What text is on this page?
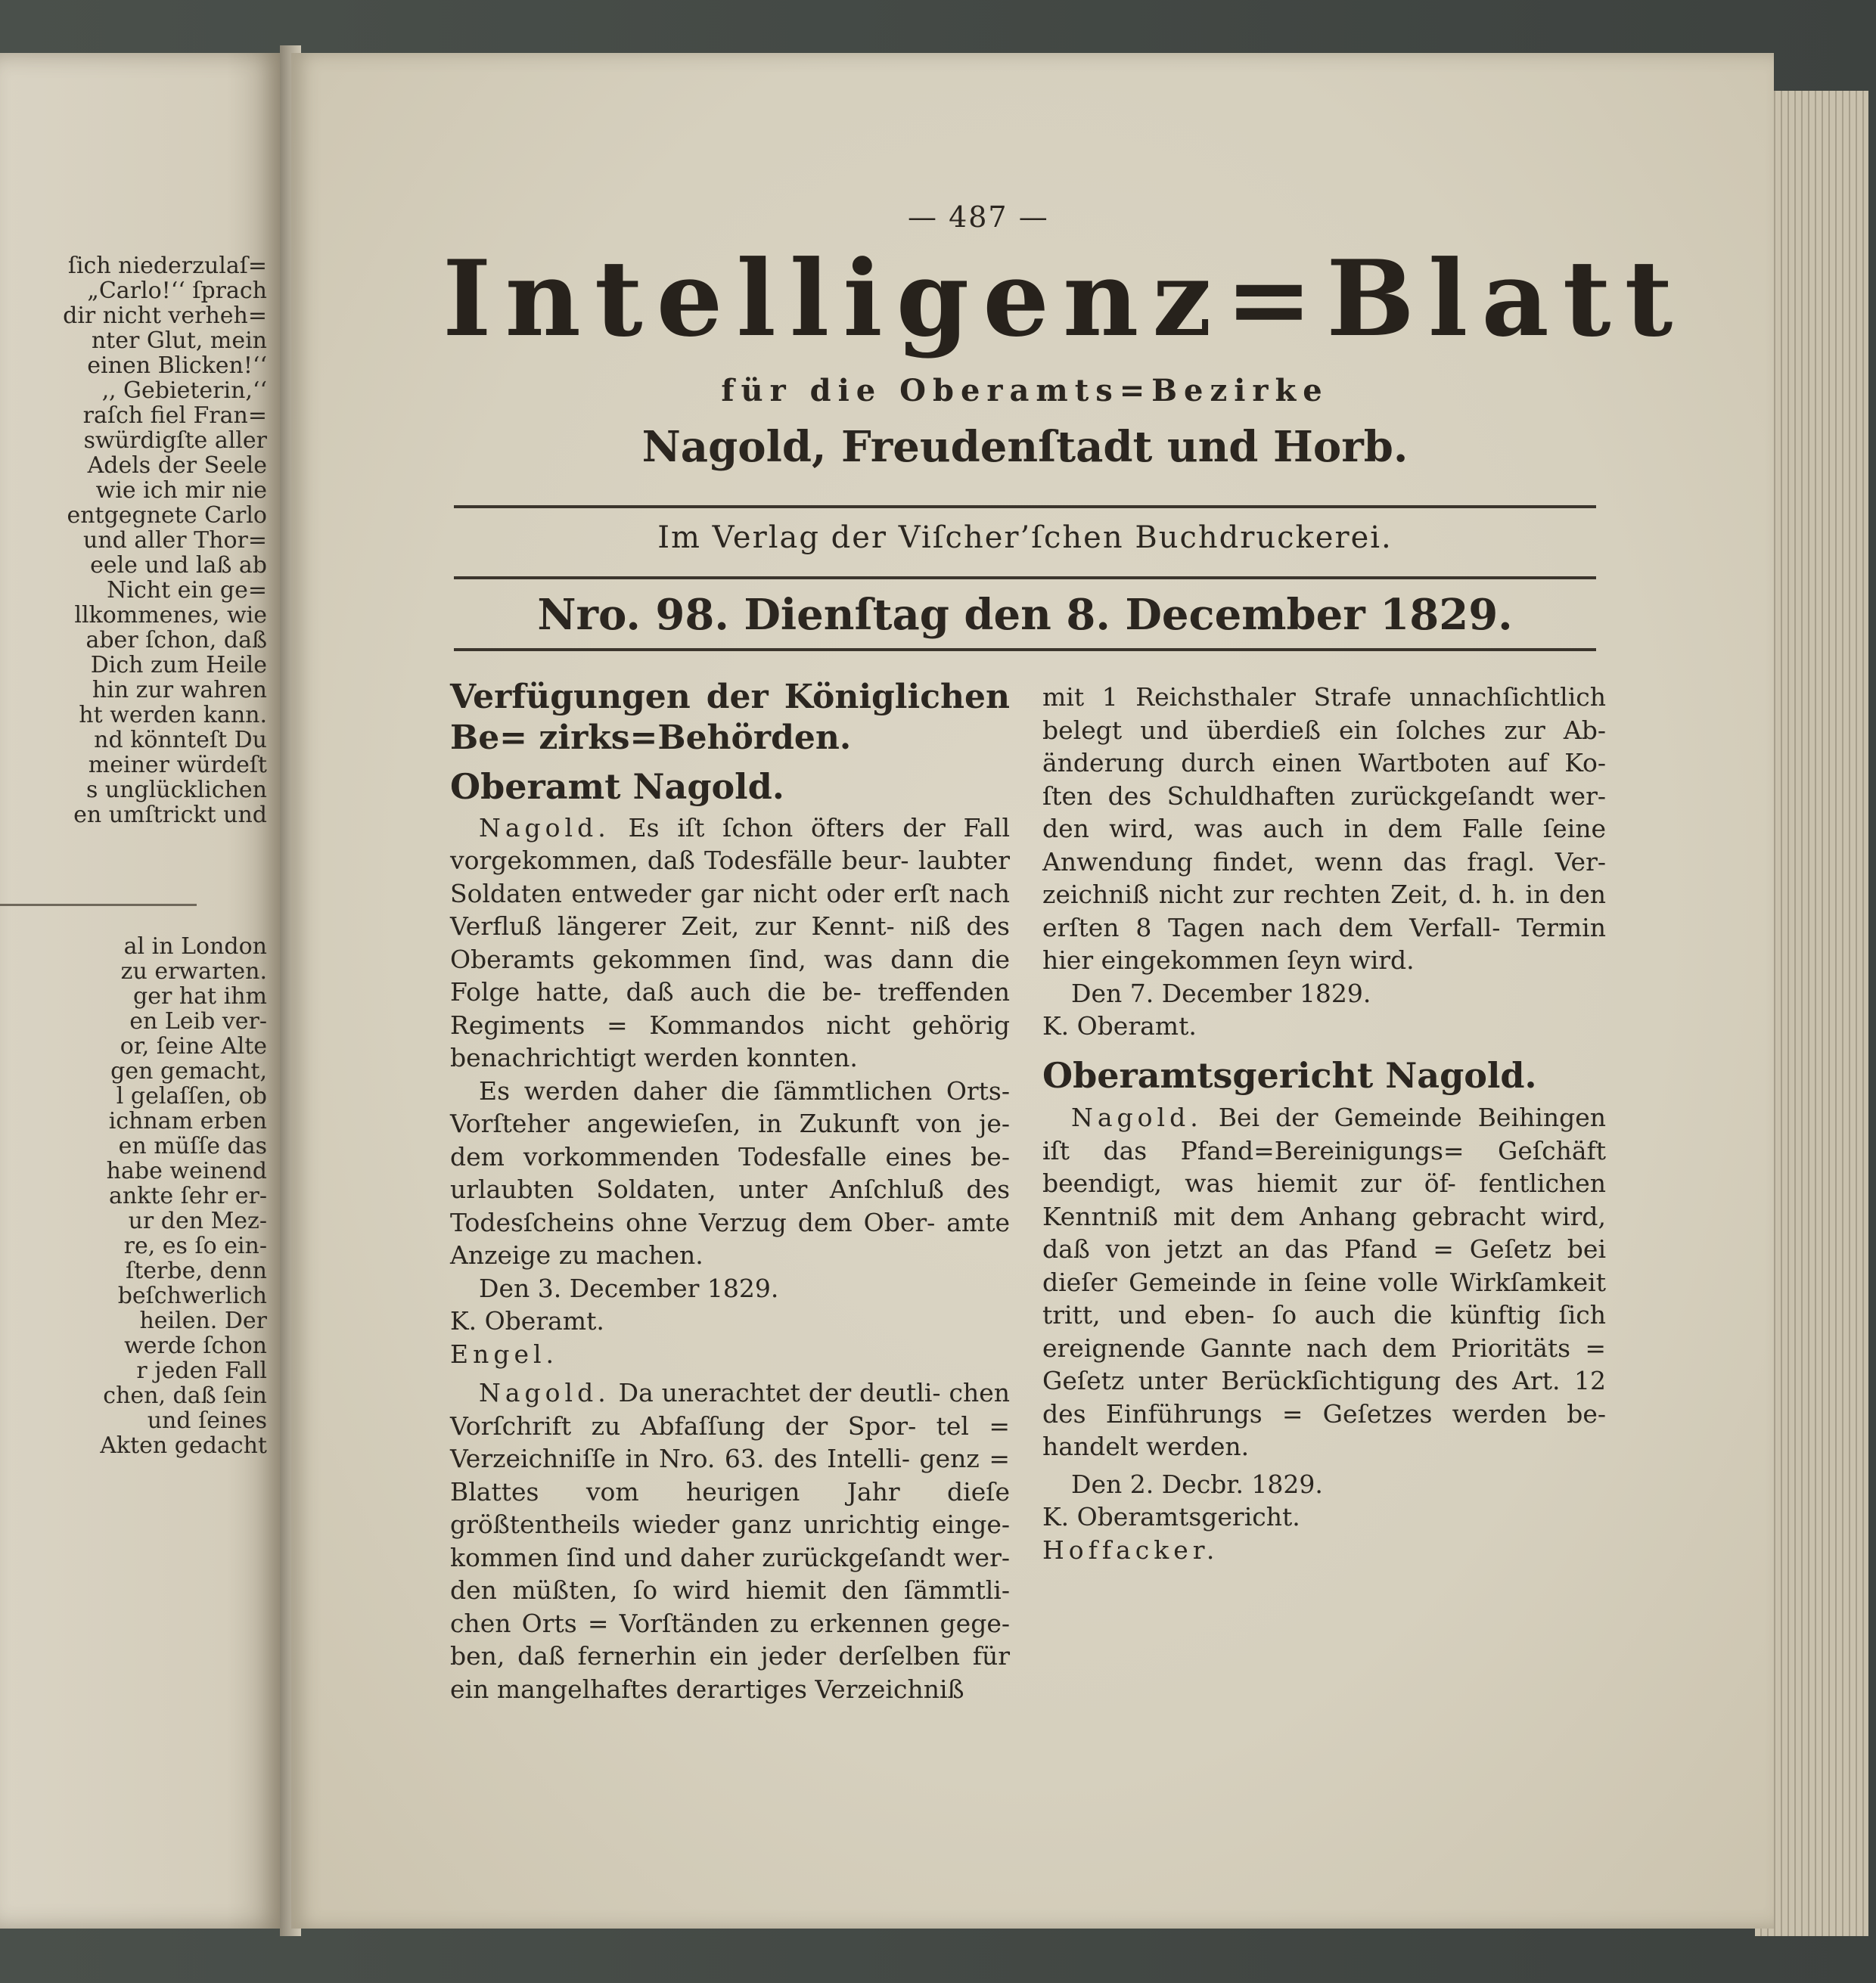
ſich niederzulaſ=
„Carlo!‘‘ ſprach
dir nicht verheh=
nter Glut, mein
einen Blicken!‘‘
‚, Gebieterin,‘‘
raſch fiel Fran=
swürdigſte aller
Adels der Seele
wie ich mir nie
entgegnete Carlo
und aller Thor=
eele und laß ab
Nicht ein ge=
llkommenes, wie
aber ſchon, daß
Dich zum Heile
hin zur wahren
ht werden kann.
nd könnteſt Du
meiner würdeſt
s unglücklichen
en umſtrickt und
al in London
zu erwarten.
ger hat ihm
en Leib ver-
or, ſeine Alte
gen gemacht,
l gelaſſen, ob
ichnam erben
en müſſe das
habe weinend
ankte ſehr er-
ur den Mez-
re, es ſo ein-
ſterbe, denn
beſchwerlich
heilen. Der
werde ſchon
r jeden Fall
chen, daß ſein
und ſeines
Akten gedacht
— 487 —
Intelligenz=Blatt
für die Oberamts=Bezirke
Nagold, Freudenſtadt und Horb.
Im Verlag der Viſcher’ſchen Buchdruckerei.
Nro. 98. Dienſtag den 8. December 1829.

Verfügungen der Königlichen Be= zirks=Behörden.

Oberamt Nagold.

Nagold. Es iſt ſchon öfters der Fall vorgekommen, daß Todesfälle beur- laubter Soldaten entweder gar nicht oder erſt nach Verfluß längerer Zeit, zur Kennt- niß des Oberamts gekommen ſind, was dann die Folge hatte, daß auch die be- treffenden Regiments = Kommandos nicht gehörig benachrichtigt werden konnten.

Es werden daher die ſämmtlichen Orts- Vorſteher angewieſen, in Zukunft von je- dem vorkommenden Todesfalle eines be- urlaubten Soldaten, unter Anſchluß des Todesſcheins ohne Verzug dem Ober- amte Anzeige zu machen.

Den 3. December 1829.

K. Oberamt.

Engel.

Nagold. Da unerachtet der deutli- chen Vorſchrift zu Abfaſſung der Spor- tel = Verzeichniſſe in Nro. 63. des Intelli- genz = Blattes vom heurigen Jahr dieſe größtentheils wieder ganz unrichtig einge- kommen ſind und daher zurückgeſandt wer- den müßten, ſo wird hiemit den ſämmtli- chen Orts = Vorſtänden zu erkennen gege- ben, daß fernerhin ein jeder derſelben für ein mangelhaftes derartiges Verzeichniß

mit 1 Reichsthaler Strafe unnachſichtlich belegt und überdieß ein ſolches zur Ab- änderung durch einen Wartboten auf Ko- ſten des Schuldhaften zurückgeſandt wer- den wird, was auch in dem Falle ſeine Anwendung findet, wenn das fragl. Ver- zeichniß nicht zur rechten Zeit, d. h. in den erſten 8 Tagen nach dem Verfall- Termin hier eingekommen ſeyn wird.

Den 7. December 1829.

K. Oberamt.

Oberamtsgericht Nagold.

Nagold. Bei der Gemeinde Beihingen iſt das Pfand=Bereinigungs= Geſchäft beendigt, was hiemit zur öf- fentlichen Kenntniß mit dem Anhang gebracht wird, daß von jetzt an das Pfand = Geſetz bei dieſer Gemeinde in ſeine volle Wirkſamkeit tritt, und eben- ſo auch die künftig ſich ereignende Gannte nach dem Prioritäts = Geſetz unter Berückſichtigung des Art. 12 des Einführungs = Geſetzes werden be- handelt werden.

Den 2. Decbr. 1829.

K. Oberamtsgericht.

Hoffacker.
